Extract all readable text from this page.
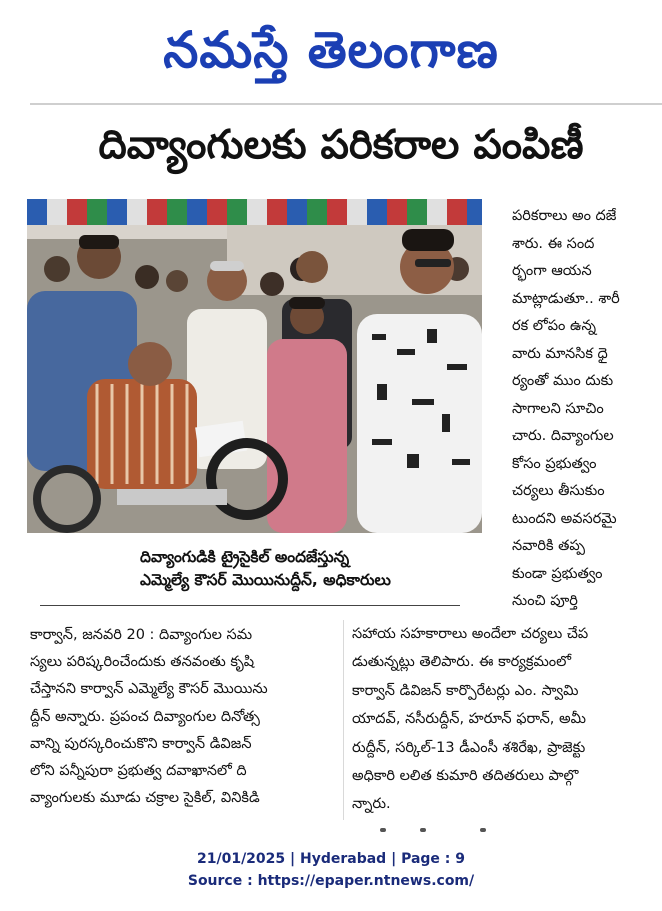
నమస్తే తెలంగాణ
దివ్యాంగులకు పరికరాల పంపిణీ
దివ్యాంగుడికి ట్రైసైకిల్ అందజేస్తున్న
ఎమ్మెల్యే కౌసర్ మొయినుద్దీన్, అధికారులు
పరికరాలు అం దజే
శారు. ఈ సంద
ర్భంగా ఆయన
మాట్లాడుతూ.. శారీ
రక లోపం ఉన్న
వారు మానసిక ధై
ర్యంతో ముం దుకు
సాగాలని సూచిం
చారు. దివ్యాంగుల
కోసం ప్రభుత్వం
చర్యలు తీసుకుం
టుందని అవసరమై
నవారికి తప్ప
కుండా ప్రభుత్వం
నుంచి పూర్తి
కార్వాన్, జనవరి 20 : దివ్యాంగుల సమ
స్యలు పరిష్కరించేందుకు తనవంతు కృషి
చేస్తానని కార్వాన్ ఎమ్మెల్యే కౌసర్ మొయిను
ద్దీన్ అన్నారు. ప్రపంచ దివ్యాంగుల దినోత్స
వాన్ని పురస్కరించుకొని కార్వాన్ డివిజన్
లోని పన్నీపురా ప్రభుత్వ దవాఖానలో ది
వ్యాంగులకు మూడు చక్రాల సైకిల్, వినికిడి
సహాయ సహకారాలు అందేలా చర్యలు చేప
డుతున్నట్లు తెలిపారు. ఈ కార్యక్రమంలో
కార్వాన్ డివిజన్ కార్పొరేటర్లు ఎం. స్వామి
యాదవ్, నసీరుద్దీన్, హరూన్ ఫరాన్, అమీ
రుద్దీన్, సర్కిల్-13 డీఎంసీ శశిరేఖ, ప్రాజెక్టు
అధికారి లలిత కుమారి తదితరులు పాల్గొ
న్నారు.
21/01/2025 | Hyderabad | Page : 9
Source : https://epaper.ntnews.com/
